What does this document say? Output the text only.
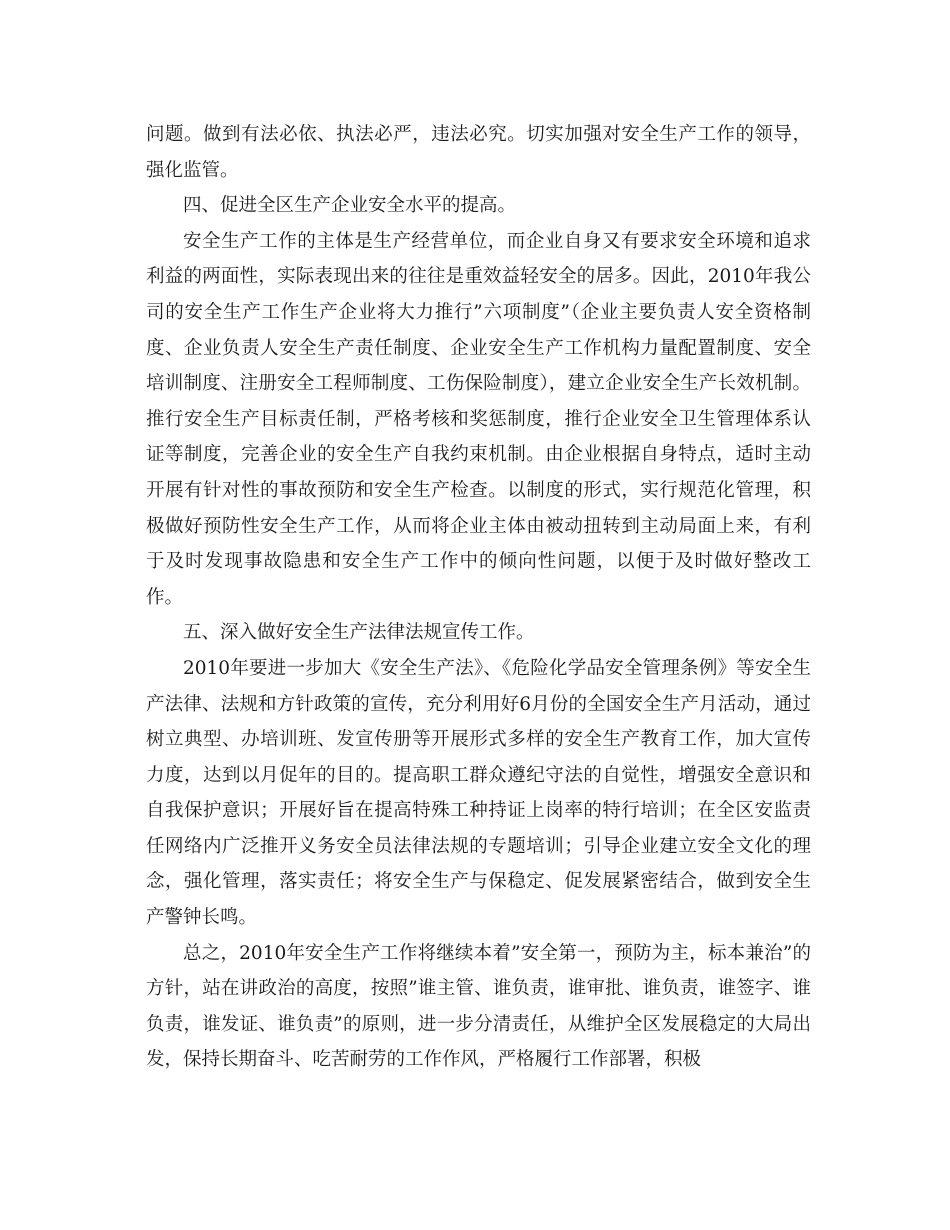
问题。做到有法必依、执法必严，违法必究。切实加强对安全生产工作的领导，强化监管。

四、促进全区生产企业安全水平的提高。

安全生产工作的主体是生产经营单位，而企业自身又有要求安全环境和追求利益的两面性，实际表现出来的往往是重效益轻安全的居多。因此，2010年我公司的安全生产工作生产企业将大力推行”六项制度”（企业主要负责人安全资格制度、企业负责人安全生产责任制度、企业安全生产工作机构力量配置制度、安全培训制度、注册安全工程师制度、工伤保险制度），建立企业安全生产长效机制。推行安全生产目标责任制，严格考核和奖惩制度，推行企业安全卫生管理体系认证等制度，完善企业的安全生产自我约束机制。由企业根据自身特点，适时主动开展有针对性的事故预防和安全生产检查。以制度的形式，实行规范化管理，积极做好预防性安全生产工作，从而将企业主体由被动扭转到主动局面上来，有利于及时发现事故隐患和安全生产工作中的倾向性问题，以便于及时做好整改工作。

五、深入做好安全生产法律法规宣传工作。

2010年要进一步加大《安全生产法》、《危险化学品安全管理条例》等安全生产法律、法规和方针政策的宣传，充分利用好6月份的全国安全生产月活动，通过树立典型、办培训班、发宣传册等开展形式多样的安全生产教育工作，加大宣传力度，达到以月促年的目的。提高职工群众遵纪守法的自觉性，增强安全意识和自我保护意识；开展好旨在提高特殊工种持证上岗率的特行培训；在全区安监责任网络内广泛推开义务安全员法律法规的专题培训；引导企业建立安全文化的理念，强化管理，落实责任；将安全生产与保稳定、促发展紧密结合，做到安全生产警钟长鸣。

总之，2010年安全生产工作将继续本着”安全第一，预防为主，标本兼治”的方针，站在讲政治的高度，按照”谁主管、谁负责，谁审批、谁负责，谁签字、谁负责，谁发证、谁负责”的原则，进一步分清责任，从维护全区发展稳定的大局出发，保持长期奋斗、吃苦耐劳的工作作风，严格履行工作部署，积极
